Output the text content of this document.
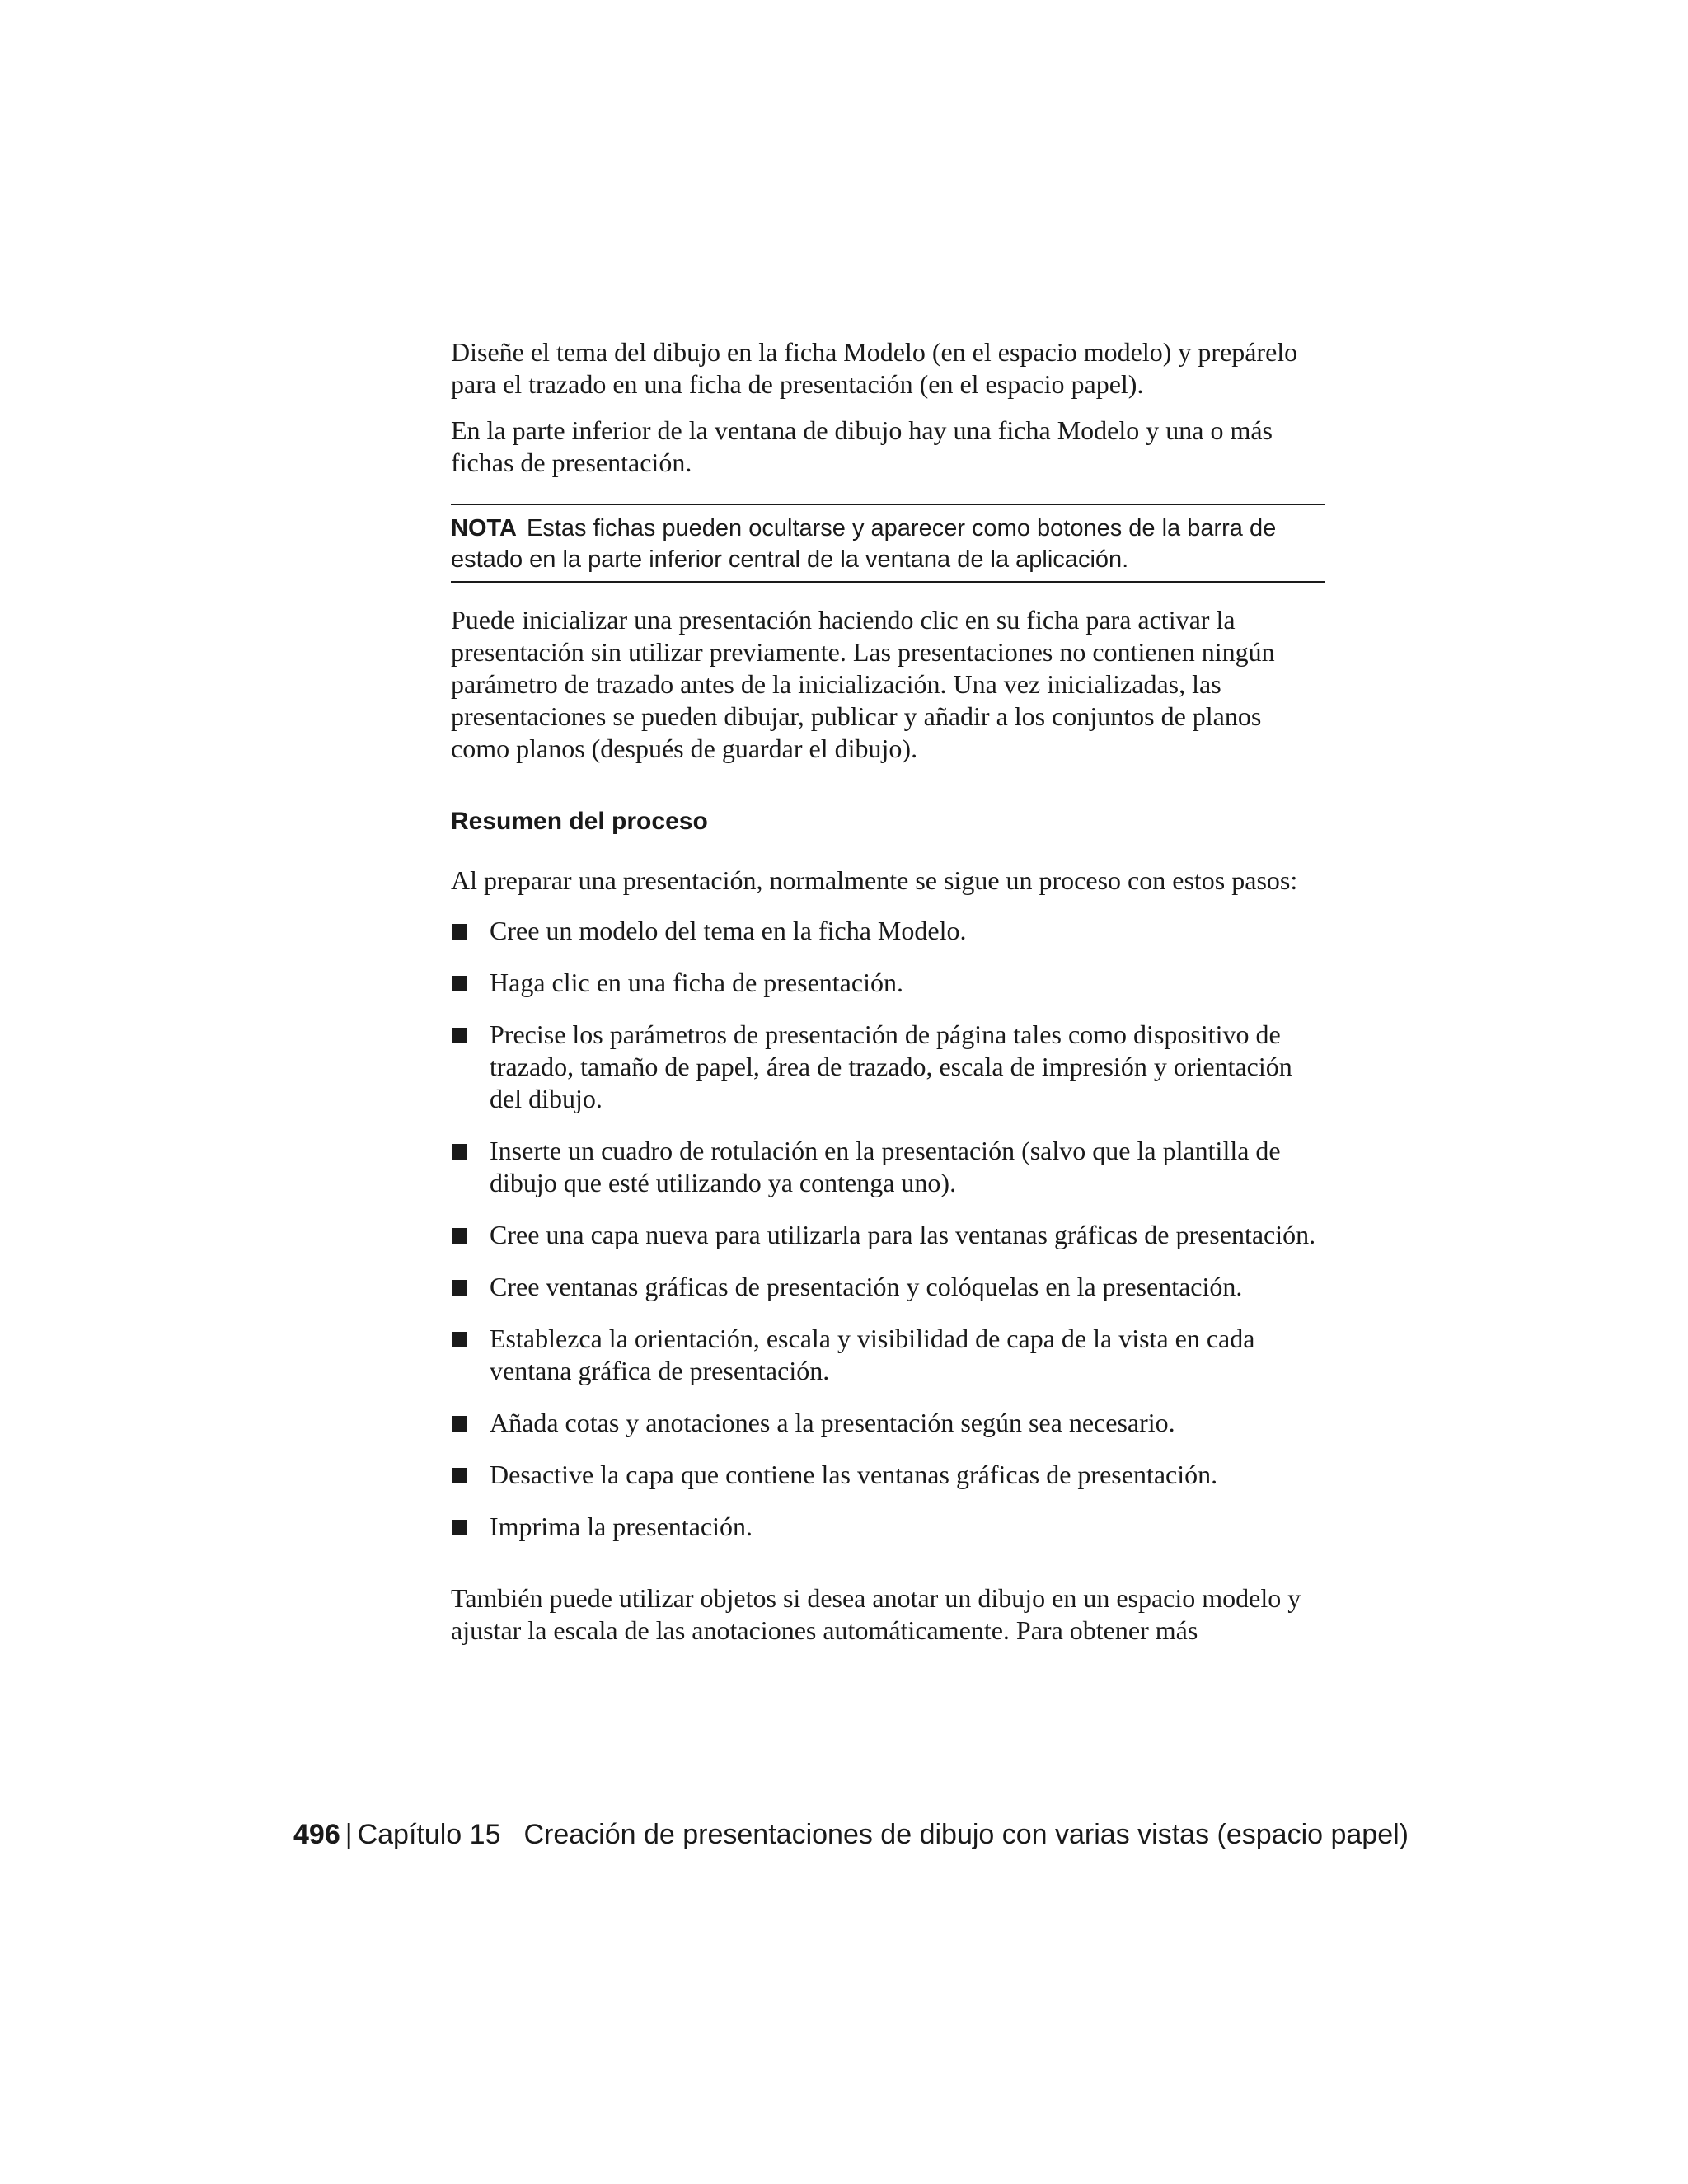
Diseñe el tema del dibujo en la ficha Modelo (en el espacio modelo) y prepárelo para el trazado en una ficha de presentación (en el espacio papel).

En la parte inferior de la ventana de dibujo hay una ficha Modelo y una o más fichas de presentación.

NOTA Estas fichas pueden ocultarse y aparecer como botones de la barra de estado en la parte inferior central de la ventana de la aplicación.

Puede inicializar una presentación haciendo clic en su ficha para activar la presentación sin utilizar previamente. Las presentaciones no contienen ningún parámetro de trazado antes de la inicialización. Una vez inicializadas, las presentaciones se pueden dibujar, publicar y añadir a los conjuntos de planos como planos (después de guardar el dibujo).

Resumen del proceso

Al preparar una presentación, normalmente se sigue un proceso con estos pasos:

Cree un modelo del tema en la ficha Modelo.
Haga clic en una ficha de presentación.
Precise los parámetros de presentación de página tales como dispositivo de trazado, tamaño de papel, área de trazado, escala de impresión y orientación del dibujo.
Inserte un cuadro de rotulación en la presentación (salvo que la plantilla de dibujo que esté utilizando ya contenga uno).
Cree una capa nueva para utilizarla para las ventanas gráficas de presentación.
Cree ventanas gráficas de presentación y colóquelas en la presentación.
Establezca la orientación, escala y visibilidad de capa de la vista en cada ventana gráfica de presentación.
Añada cotas y anotaciones a la presentación según sea necesario.
Desactive la capa que contiene las ventanas gráficas de presentación.
Imprima la presentación.

También puede utilizar objetos si desea anotar un dibujo en un espacio modelo y ajustar la escala de las anotaciones automáticamente. Para obtener más

496 | Capítulo 15 Creación de presentaciones de dibujo con varias vistas (espacio papel)
